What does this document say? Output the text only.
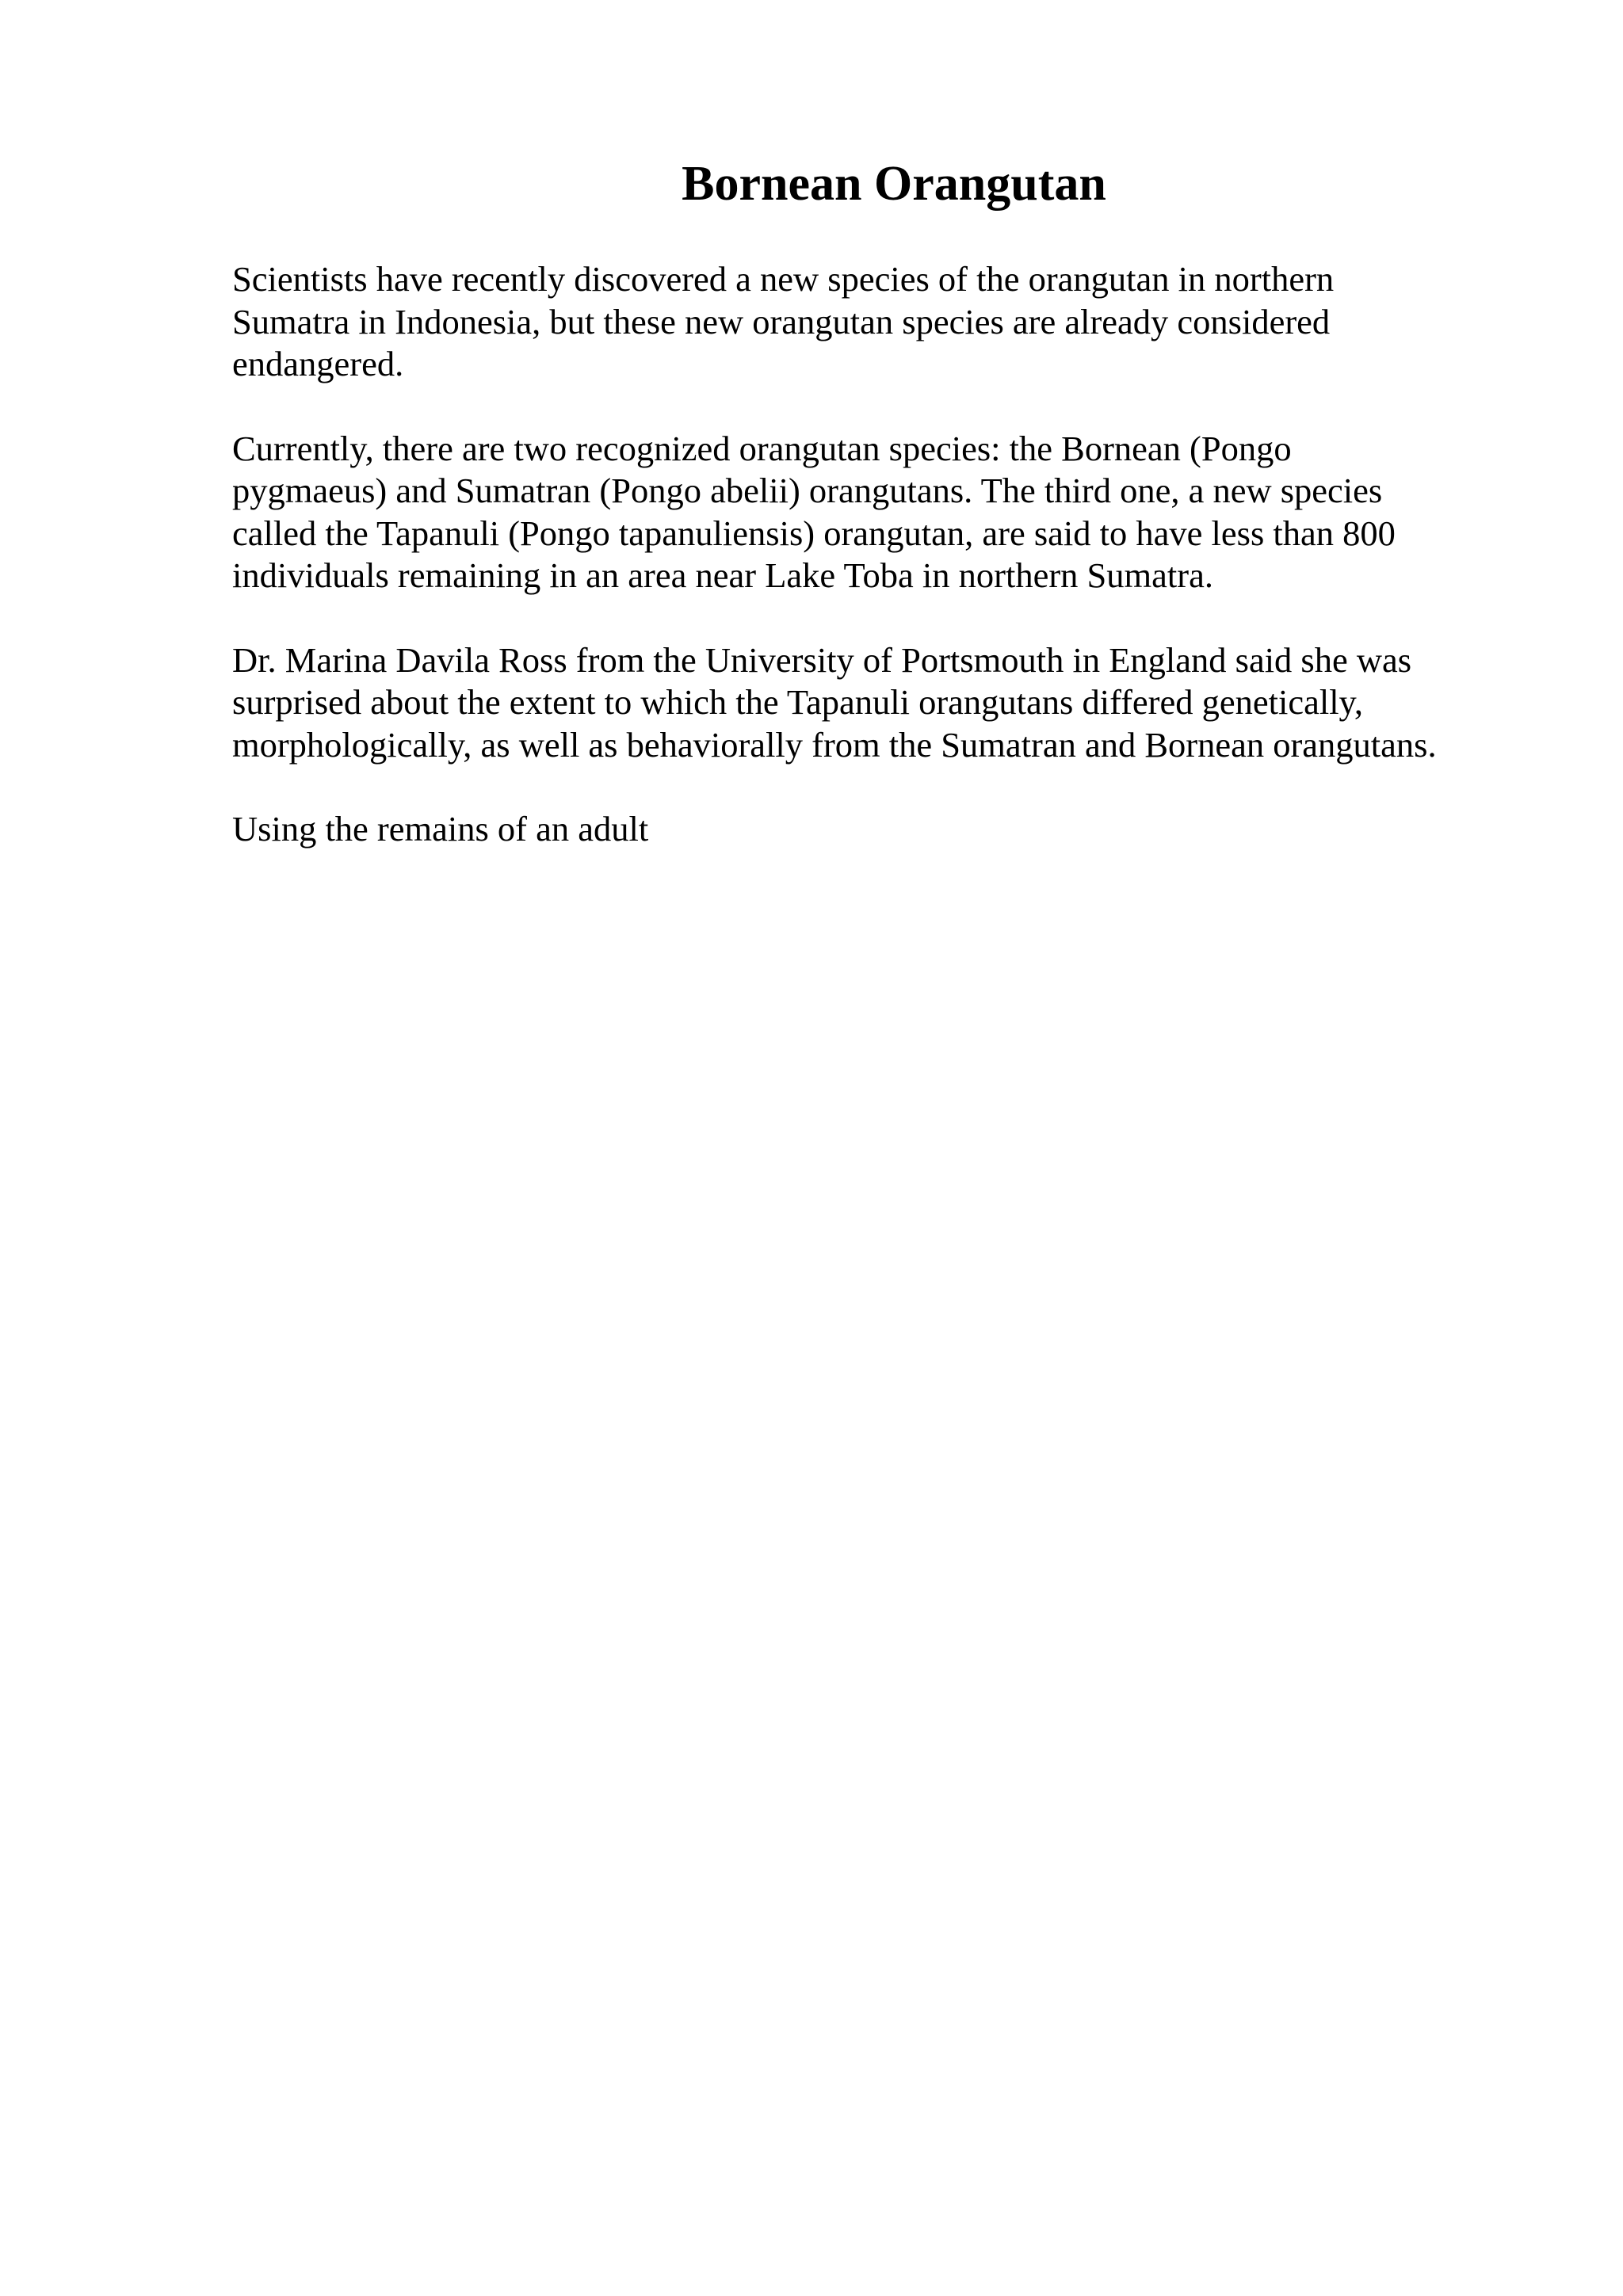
Bornean Orangutan

Scientists have recently discovered a new species of the orangutan in northern
Sumatra in Indonesia, but these new orangutan species are already considered
endangered.

Currently, there are two recognized orangutan species: the Bornean (Pongo
pygmaeus) and Sumatran (Pongo abelii) orangutans. The third one, a new species
called the Tapanuli (Pongo tapanuliensis) orangutan, are said to have less than 800
individuals remaining in an area near Lake Toba in northern Sumatra.

Dr. Marina Davila Ross from the University of Portsmouth in England said she was
surprised about the extent to which the Tapanuli orangutans differed genetically,
morphologically, as well as behaviorally from the Sumatran and Bornean orangutans.

Using the remains of an adult
